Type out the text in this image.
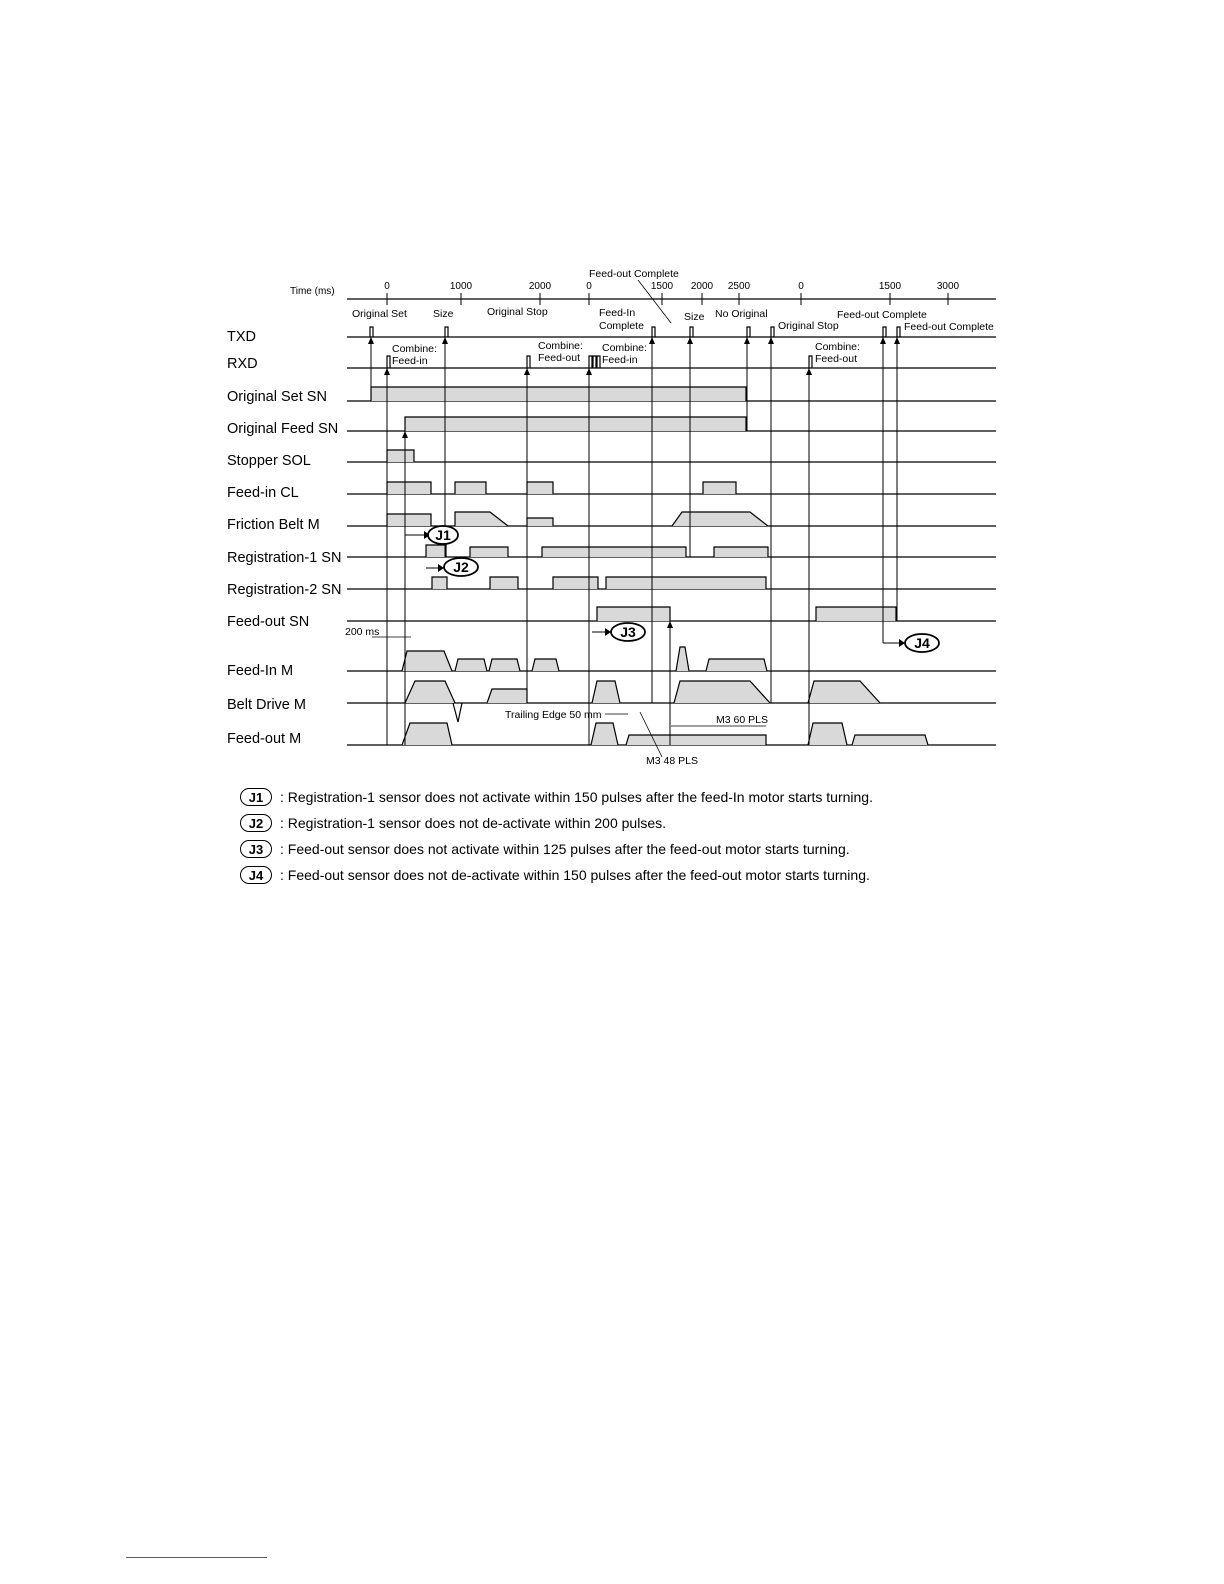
Time (ms)	0	1000	2000	0	1500 2000 2500	0	1500	3000
TXD
RXD
Original Set SN
Original Feed SN
Stopper SOL
Feed-in CL
Friction Belt M
Registration-1 SN
Registration-2 SN
Feed-out SN
Feed-In M
Belt Drive M
Feed-out M
Original Set Size	Original Stop
Feed-out Complete
Feed-In
Complete
Size No Original
Original Stop
Feed-out Complete
Feed-out Complete
Combine:
Feed-in
Combine:
Feed-out
Combine:
Feed-in
Combine:
Feed-out
200 ms
Trailing Edge 50 mm	M3 60 PLS
M3 48 PLS
J1
J2
J3
J4
J1	: Registration-1 sensor does not activate within 150 pulses after the feed-In motor starts turning.
J2	: Registration-1 sensor does not de-activate within 200 pulses.
J3	: Feed-out sensor does not activate within 125 pulses after the feed-out motor starts turning.
J4	: Feed-out sensor does not de-activate within 150 pulses after the feed-out motor starts turning.
